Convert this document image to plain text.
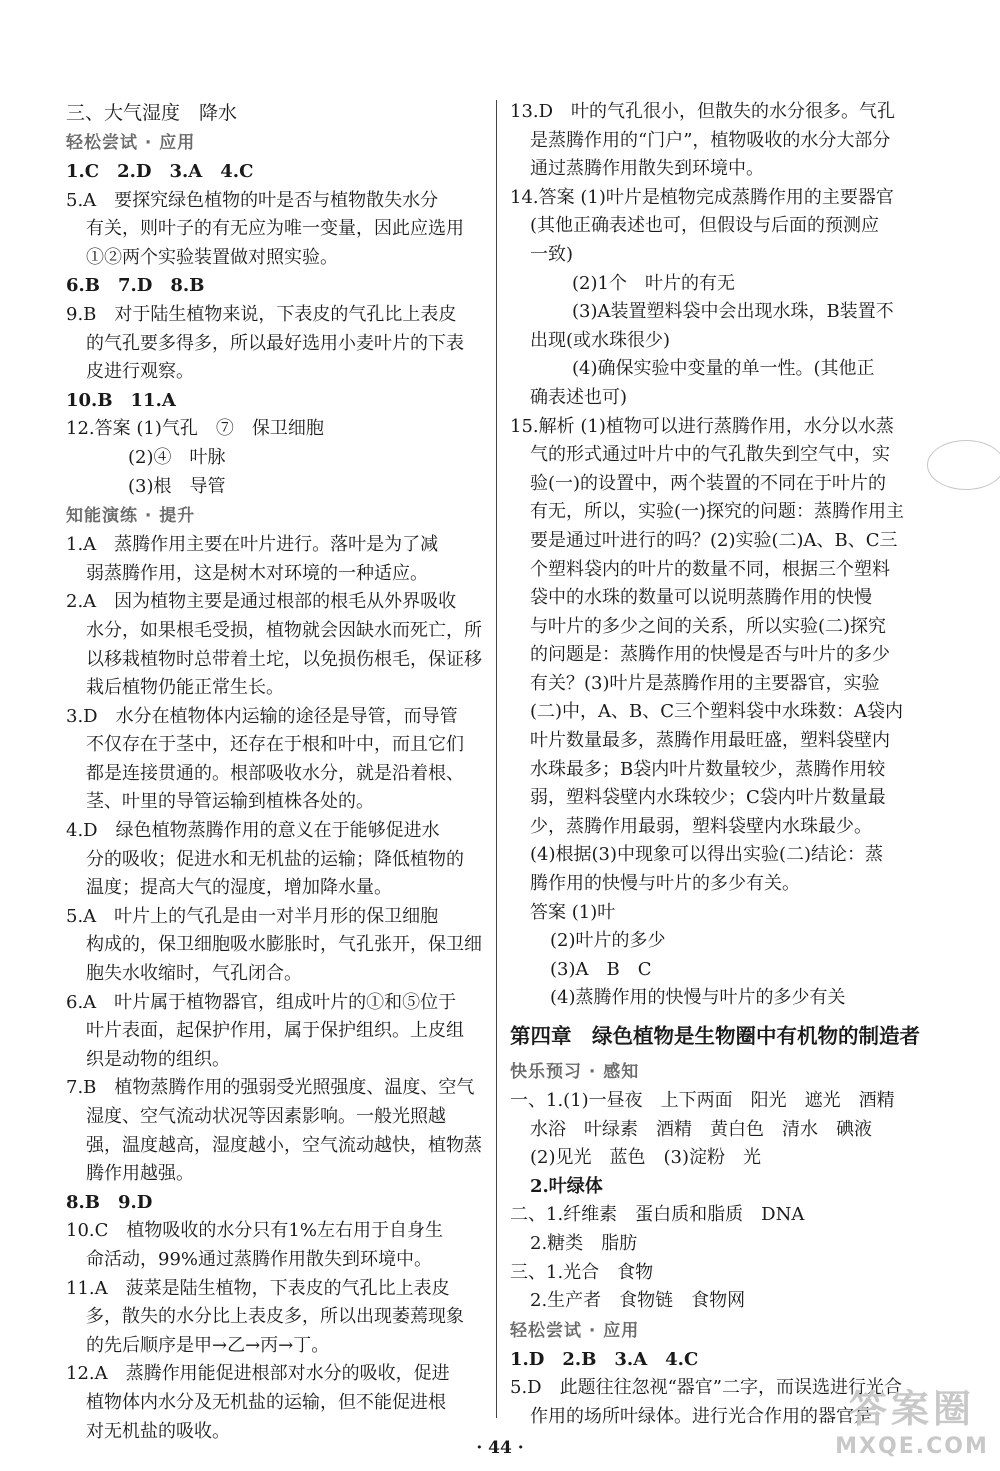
三、大气湿度　降水
轻松尝试 · 应用
1.C　2.D　3.A　4.C
5.A　要探究绿色植物的叶是否与植物散失水分
有关，则叶子的有无应为唯一变量，因此应选用
①②两个实验装置做对照实验。
6.B　7.D　8.B
9.B　对于陆生植物来说，下表皮的气孔比上表皮
的气孔要多得多，所以最好选用小麦叶片的下表
皮进行观察。
10.B　11.A
12.答案 (1)气孔　⑦　保卫细胞
(2)④　叶脉
(3)根　导管
知能演练 · 提升
1.A　蒸腾作用主要在叶片进行。落叶是为了减
弱蒸腾作用，这是树木对环境的一种适应。
2.A　因为植物主要是通过根部的根毛从外界吸收
水分，如果根毛受损，植物就会因缺水而死亡，所
以移栽植物时总带着土坨，以免损伤根毛，保证移
栽后植物仍能正常生长。
3.D　水分在植物体内运输的途径是导管，而导管
不仅存在于茎中，还存在于根和叶中，而且它们
都是连接贯通的。根部吸收水分，就是沿着根、
茎、叶里的导管运输到植株各处的。
4.D　绿色植物蒸腾作用的意义在于能够促进水
分的吸收；促进水和无机盐的运输；降低植物的
温度；提高大气的湿度，增加降水量。
5.A　叶片上的气孔是由一对半月形的保卫细胞
构成的，保卫细胞吸水膨胀时，气孔张开，保卫细
胞失水收缩时，气孔闭合。
6.A　叶片属于植物器官，组成叶片的①和⑤位于
叶片表面，起保护作用，属于保护组织。上皮组
织是动物的组织。
7.B　植物蒸腾作用的强弱受光照强度、温度、空气
湿度、空气流动状况等因素影响。一般光照越
强，温度越高，湿度越小，空气流动越快，植物蒸
腾作用越强。
8.B　9.D
10.C　植物吸收的水分只有1%左右用于自身生
命活动，99%通过蒸腾作用散失到环境中。
11.A　菠菜是陆生植物，下表皮的气孔比上表皮
多，散失的水分比上表皮多，所以出现萎蔫现象
的先后顺序是甲→乙→丙→丁。
12.A　蒸腾作用能促进根部对水分的吸收，促进
植物体内水分及无机盐的运输，但不能促进根
对无机盐的吸收。
13.D　叶的气孔很小，但散失的水分很多。气孔
是蒸腾作用的“门户”，植物吸收的水分大部分
通过蒸腾作用散失到环境中。
14.答案 (1)叶片是植物完成蒸腾作用的主要器官
(其他正确表述也可，但假设与后面的预测应
一致)
(2)1个　叶片的有无
(3)A装置塑料袋中会出现水珠，B装置不
出现(或水珠很少)
(4)确保实验中变量的单一性。(其他正
确表述也可)
15.解析 (1)植物可以进行蒸腾作用，水分以水蒸
气的形式通过叶片中的气孔散失到空气中，实
验(一)的设置中，两个装置的不同在于叶片的
有无，所以，实验(一)探究的问题：蒸腾作用主
要是通过叶进行的吗？(2)实验(二)A、B、C三
个塑料袋内的叶片的数量不同，根据三个塑料
袋中的水珠的数量可以说明蒸腾作用的快慢
与叶片的多少之间的关系，所以实验(二)探究
的问题是：蒸腾作用的快慢是否与叶片的多少
有关？(3)叶片是蒸腾作用的主要器官，实验
(二)中，A、B、C三个塑料袋中水珠数：A袋内
叶片数量最多，蒸腾作用最旺盛，塑料袋壁内
水珠最多；B袋内叶片数量较少，蒸腾作用较
弱，塑料袋壁内水珠较少；C袋内叶片数量最
少，蒸腾作用最弱，塑料袋壁内水珠最少。
(4)根据(3)中现象可以得出实验(二)结论：蒸
腾作用的快慢与叶片的多少有关。
答案 (1)叶
(2)叶片的多少
(3)A　B　C
(4)蒸腾作用的快慢与叶片的多少有关
第四章　绿色植物是生物圈中有机物的制造者
快乐预习 · 感知
一、1.(1)一昼夜　上下两面　阳光　遮光　酒精
水浴　叶绿素　酒精　黄白色　清水　碘液
(2)见光　蓝色　(3)淀粉　光
2.叶绿体
二、1.纤维素　蛋白质和脂质　DNA
2.糖类　脂肪
三、1.光合　食物
2.生产者　食物链　食物网
轻松尝试 · 应用
1.D　2.B　3.A　4.C
5.D　此题往往忽视“器官”二字，而误选进行光合
作用的场所叶绿体。进行光合作用的器官是
· 44 ·
答案圈
MXQE.COM
